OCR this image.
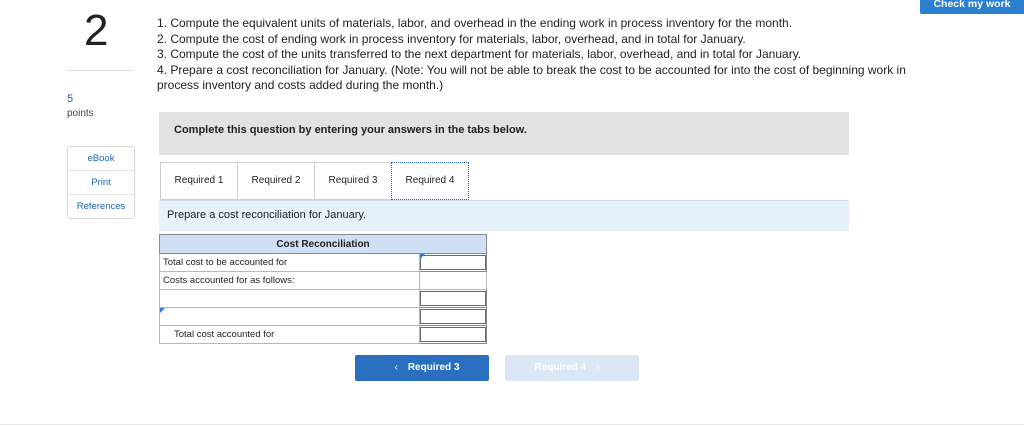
Check my work
2
5
points
eBook
Print
References

1. Compute the equivalent units of materials, labor, and overhead in the ending work in process inventory for the month.

2. Compute the cost of ending work in process inventory for materials, labor, overhead, and in total for January.

3. Compute the cost of the units transferred to the next department for materials, labor, overhead, and in total for January.

4. Prepare a cost reconciliation for January. (Note: You will not be able to break the cost to be accounted for into the cost of beginning work in process inventory and costs added during the month.)

Complete this question by entering your answers in the tabs below.
Required 1	Required 2	Required 3	Required 4
Prepare a cost reconciliation for January.
Cost Reconciliation	
Total cost to be accounted for	

Costs accounted for as follows:	

Total cost accounted for	
‹ Required 3	Required 4 ›
